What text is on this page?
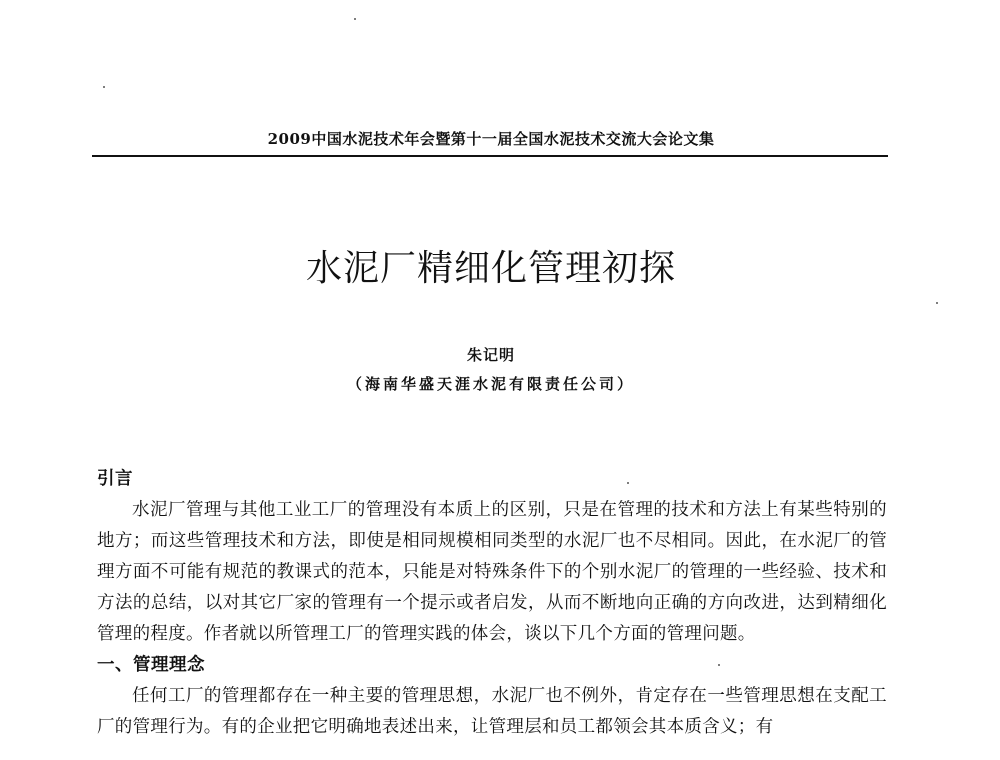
2009中国水泥技术年会暨第十一届全国水泥技术交流大会论文集
水泥厂精细化管理初探
朱记明
（海南华盛天涯水泥有限责任公司）

引言

水泥厂管理与其他工业工厂的管理没有本质上的区别，只是在管理的技术和方法上有某些特别的地方；而这些管理技术和方法，即使是相同规模相同类型的水泥厂也不尽相同。因此，在水泥厂的管理方面不可能有规范的教课式的范本，只能是对特殊条件下的个别水泥厂的管理的一些经验、技术和方法的总结，以对其它厂家的管理有一个提示或者启发，从而不断地向正确的方向改进，达到精细化管理的程度。作者就以所管理工厂的管理实践的体会，谈以下几个方面的管理问题。

一、管理理念

任何工厂的管理都存在一种主要的管理思想，水泥厂也不例外，肯定存在一些管理思想在支配工厂的管理行为。有的企业把它明确地表述出来，让管理层和员工都领会其本质含义；有
